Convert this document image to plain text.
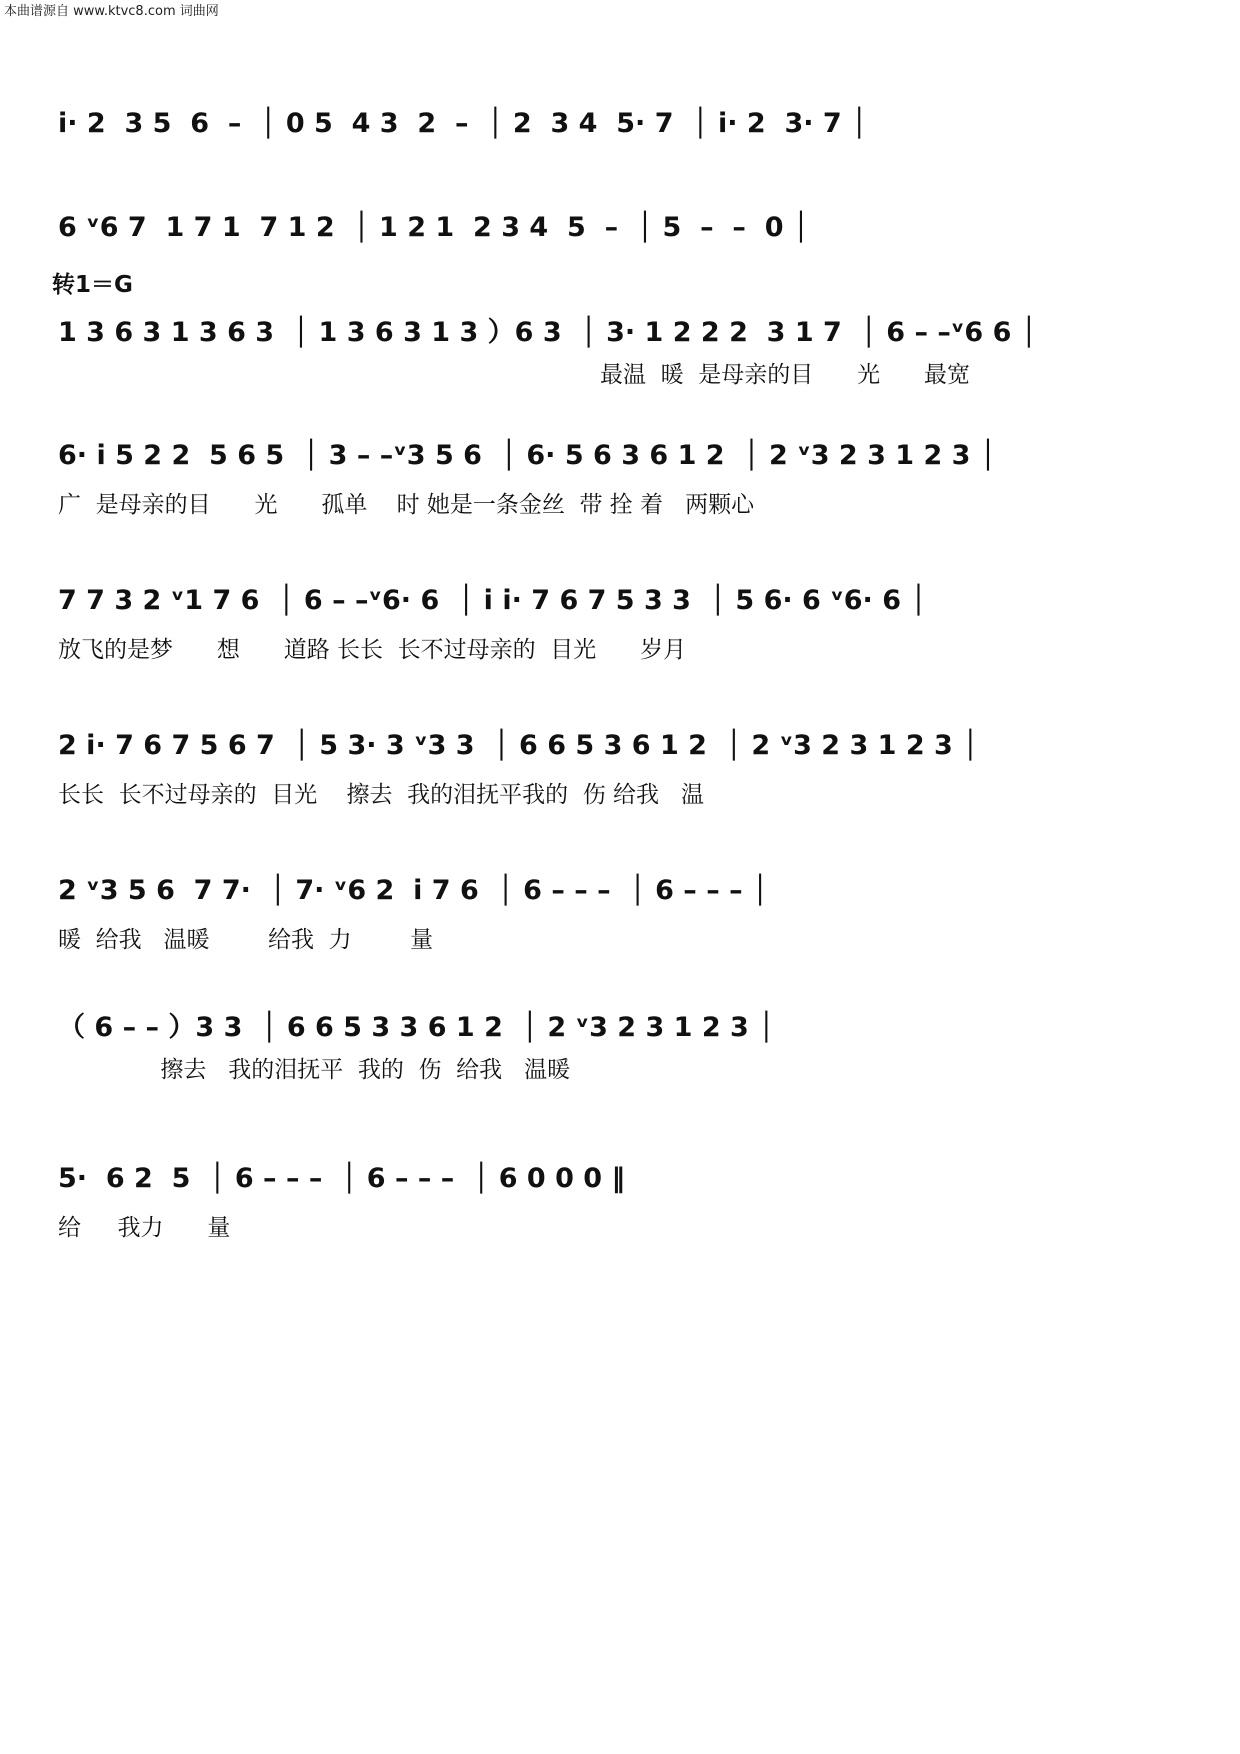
本曲谱源自 www.ktvc8.com 词曲网
i· 2  3 5  6  –  │ 0 5  4 3  2  –  │ 2  3 4  5· 7  │ i· 2  3· 7 │
6 ᵛ6 7  1 7 1  7 1 2  │ 1 2 1  2 3 4  5  –  │ 5  –  –  0 │
转1＝G
1 3 6 3 1 3 6 3  │ 1 3 6 3 1 3 ）6 3  │ 3· 1 2 2 2  3 1 7  │ 6 – –ᵛ6 6 │
最温  暖  是母亲的目      光      最宽
6· i 5 2 2  5 6 5  │ 3 – –ᵛ3 5 6  │ 6· 5 6 3 6 1 2  │ 2 ᵛ3 2 3 1 2 3 │
广  是母亲的目      光      孤单    时 她是一条金丝  带 拴 着   两颗心
7 7 3 2 ᵛ1 7 6  │ 6 – –ᵛ6· 6  │ i i· 7 6 7 5 3 3  │ 5 6· 6 ᵛ6· 6 │
放飞的是梦      想      道路 长长  长不过母亲的  目光      岁月
2 i· 7 6 7 5 6 7  │ 5 3· 3 ᵛ3 3  │ 6 6 5 3 6 1 2  │ 2 ᵛ3 2 3 1 2 3 │
长长  长不过母亲的  目光    擦去  我的泪抚平我的  伤 给我   温
2 ᵛ3 5 6  7 7·  │ 7· ᵛ6 2  i 7 6  │ 6 – – –  │ 6 – – – │
暖  给我   温暖        给我  力        量
（ 6 – – ）3 3  │ 6 6 5 3 3 6 1 2  │ 2 ᵛ3 2 3 1 2 3 │
擦去   我的泪抚平  我的  伤  给我   温暖
5·  6 2  5  │ 6 – – –  │ 6 – – –  │ 6 0 0 0 ‖
给     我力      量
